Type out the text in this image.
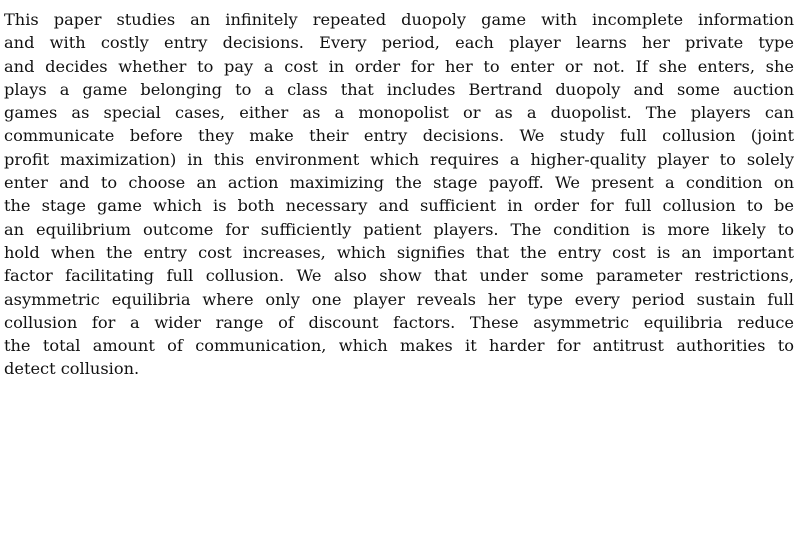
This paper studies an infinitely repeated duopoly game with incomplete information
and with costly entry decisions. Every period, each player learns her private type
and decides whether to pay a cost in order for her to enter or not. If she enters, she
plays a game belonging to a class that includes Bertrand duopoly and some auction
games as special cases, either as a monopolist or as a duopolist. The players can
communicate before they make their entry decisions. We study full collusion (joint
profit maximization) in this environment which requires a higher-quality player to solely
enter and to choose an action maximizing the stage payoff. We present a condition on
the stage game which is both necessary and sufficient in order for full collusion to be
an equilibrium outcome for sufficiently patient players. The condition is more likely to
hold when the entry cost increases, which signifies that the entry cost is an important
factor facilitating full collusion. We also show that under some parameter restrictions,
asymmetric equilibria where only one player reveals her type every period sustain full
collusion for a wider range of discount factors. These asymmetric equilibria reduce
the total amount of communication, which makes it harder for antitrust authorities to
detect collusion.
